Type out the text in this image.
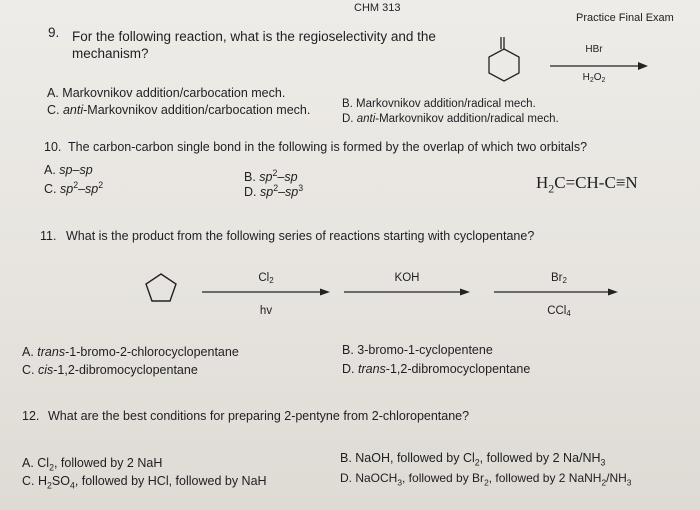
CHM 313
Practice Final Exam
9. For the following reaction, what is the regioselectivity and the
mechanism?	HBr
$H_2O_2$
A. Markovnikov addition/carbocation mech.
B. Markovnikov addition/radical mech.
C. anti-Markovnikov addition/carbocation mech.
D. anti-Markovnikov addition/radical mech.
10. The carbon-carbon single bond in the following is formed by the overlap of which two orbitals?
A. sp–sp
B. $sp^2-sp$
C. $sp^2-sp^2$
D. $sp^2-sp^3$	$H_2C=CH-C\equiv N$
11. What is the product from the following series of reactions starting with cyclopentane?
Cl2
hv
KOH	Br2
CCl4
A. trans-1-bromo-2-chlorocyclopentane	B. 3-bromo-1-cyclopentene
C. cis-1,2-dibromocyclopentane	D. trans-1,2-dibromocyclopentane
12. What are the best conditions for preparing 2-pentyne from 2-chloropentane?
A. $Cl_2$, followed by 2 NaH	B. NaOH, followed by $Cl_2$, followed by 2 $Na/NH_3$
C. $H_2SO_4$, followed by HCl, followed by NaH	D. NaOCH$_3$, followed by $Br_2$, followed by 2 $NaNH_2/NH_3$
